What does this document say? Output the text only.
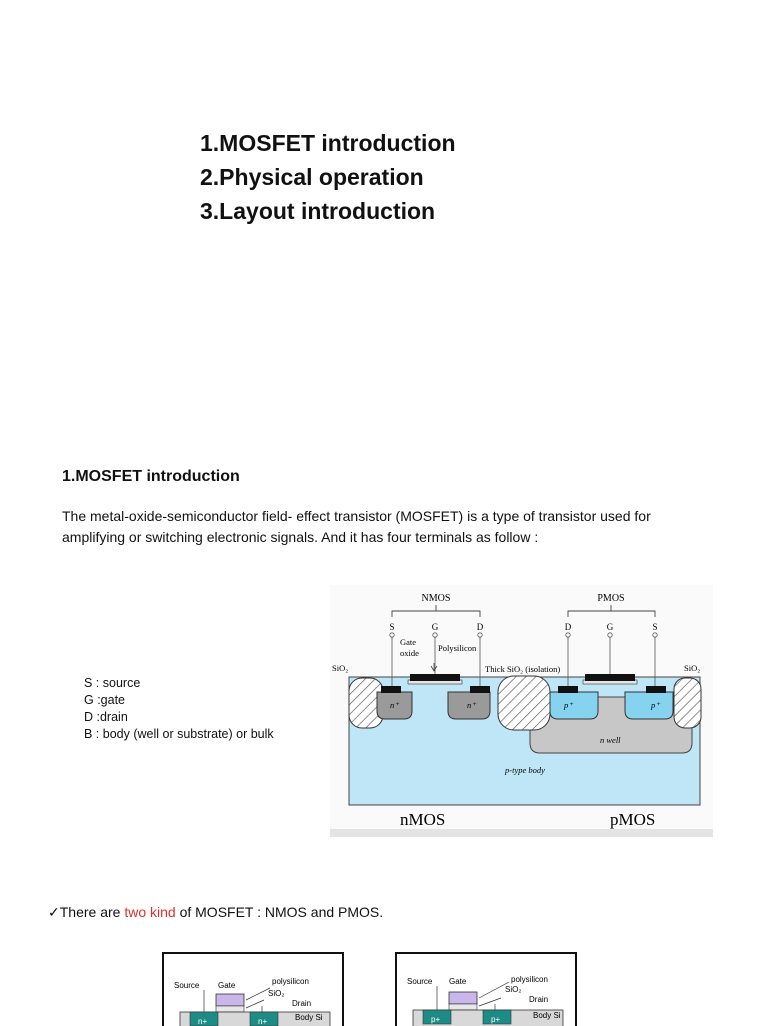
1.MOSFET introduction
2.Physical operation
3.Layout introduction
1.MOSFET introduction
The metal-oxide-semiconductor field- effect transistor (MOSFET) is a type of transistor used for
amplifying or switching electronic signals. And it has four terminals as follow :
S : source
G :gate
D :drain
B : body (well or substrate) or bulk
NMOS	PMOS
S	G	D	D	G	S
Gate
oxide Polysilicon
Thick SiO₂ (isolation)
SiO₂	SiO₂
n⁺	n⁺	p⁺	p⁺
n well
p-type body
nMOS	pMOS
✓There are two kind of MOSFET : NMOS and PMOS.
Source Gate	polysilicon
SiO₂
Drain
Body Si
n+	n+
Source Gate	polysilicon
SiO₂
Drain
Body Si
p+	p+
